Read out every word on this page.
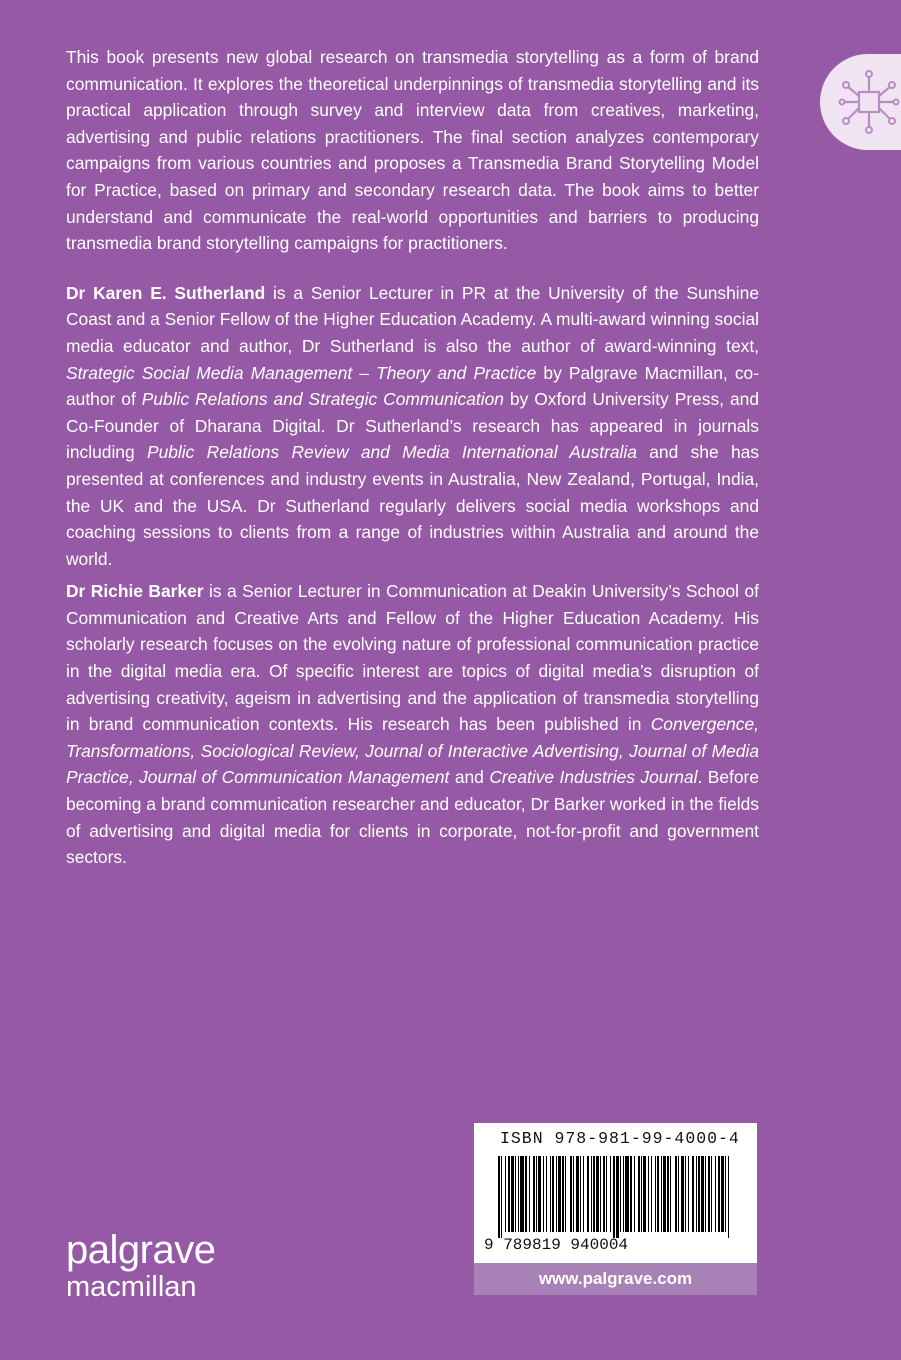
This book presents new global research on transmedia storytelling as a form of brand communication. It explores the theoretical underpinnings of transmedia storytelling and its practical application through survey and interview data from creatives, marketing, advertising and public relations practitioners. The final section analyzes contemporary campaigns from various countries and proposes a Transmedia Brand Storytelling Model for Practice, based on primary and secondary research data. The book aims to better understand and communicate the real-world opportunities and barriers to producing transmedia brand storytelling campaigns for practitioners.

Dr Karen E. Sutherland is a Senior Lecturer in PR at the University of the Sunshine Coast and a Senior Fellow of the Higher Education Academy. A multi-award winning social media educator and author, Dr Sutherland is also the author of award-winning text, Strategic Social Media Management – Theory and Practice by Palgrave Macmillan, co-author of Public Relations and Strategic Communication by Oxford University Press, and Co-Founder of Dharana Digital. Dr Sutherland’s research has appeared in journals including Public Relations Review and Media International Australia and she has presented at conferences and industry events in Australia, New Zealand, Portugal, India, the UK and the USA. Dr Sutherland regularly delivers social media workshops and coaching sessions to clients from a range of industries within Australia and around the world.

Dr Richie Barker is a Senior Lecturer in Communication at Deakin University’s School of Communication and Creative Arts and Fellow of the Higher Education Academy. His scholarly research focuses on the evolving nature of professional communication practice in the digital media era. Of specific interest are topics of digital media’s disruption of advertising creativity, ageism in advertising and the application of transmedia storytelling in brand communication contexts. His research has been published in Convergence, Transformations, Sociological Review, Journal of Interactive Advertising, Journal of Media Practice, Journal of Communication Management and Creative Industries Journal. Before becoming a brand communication researcher and educator, Dr Barker worked in the fields of advertising and digital media for clients in corporate, not-for-profit and government sectors.

palgrave
macmillan
ISBN 978-981-99-4000-4
9 789819 940004
www.palgrave.com
